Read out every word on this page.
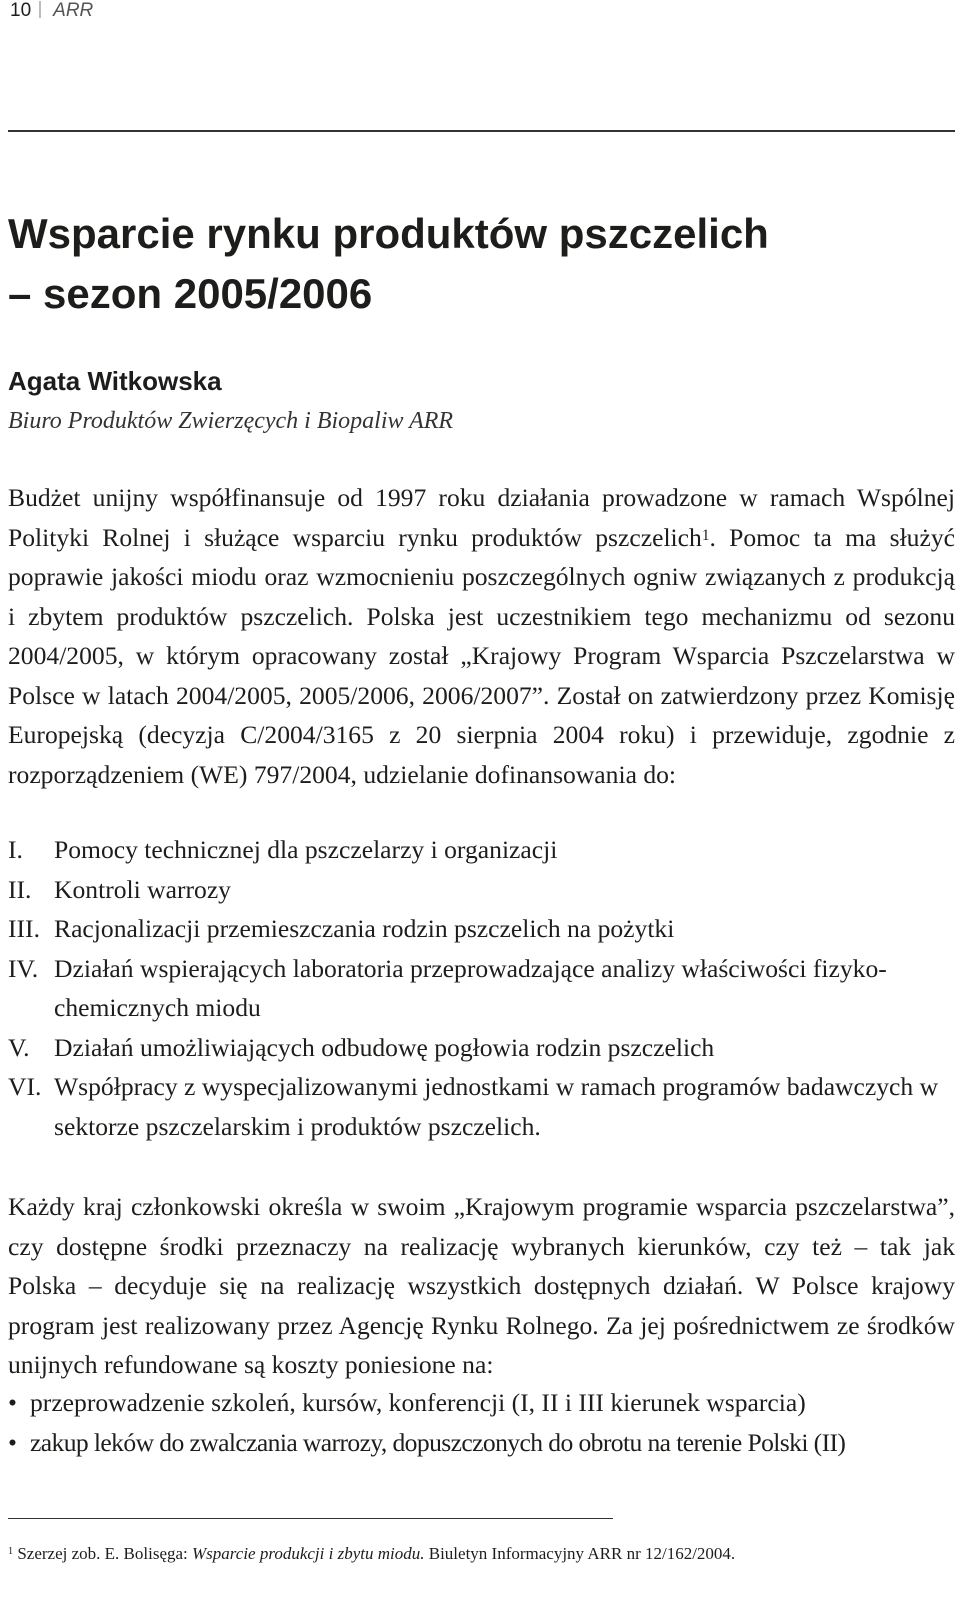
10 ARR
Wsparcie rynku produktów pszczelich
– sezon 2005/2006

Agata Witkowska

Biuro Produktów Zwierzęcych i Biopaliw ARR

Budżet unijny współfinansuje od 1997 roku działania prowadzone w ramach Wspólnej Polityki Rolnej i służące wsparciu rynku produktów pszczelich$^1$. Pomoc ta ma służyć poprawie jakości miodu oraz wzmocnieniu poszczególnych ogniw związanych z produkcją i zbytem produktów pszczelich. Polska jest uczestnikiem tego mechanizmu od sezonu 2004/2005, w którym opracowany został „Krajowy Program Wsparcia Pszczelarstwa w Polsce w latach 2004/2005, 2005/2006, 2006/2007”. Został on zatwierdzony przez Komisję Europejską (decyzja C/2004/3165 z 20 sierpnia 2004 roku) i przewiduje, zgodnie z rozporządzeniem (WE) 797/2004, udzielanie dofinansowania do:

I. Pomocy technicznej dla pszczelarzy i organizacji
II. Kontroli warrozy
III. Racjonalizacji przemieszczania rodzin pszczelich na pożytki
IV. Działań wspierających laboratoria przeprowadzające analizy właściwości fizyko-chemicznych miodu
V. Działań umożliwiających odbudowę pogłowia rodzin pszczelich
VI. Współpracy z wyspecjalizowanymi jednostkami w ramach programów badawczych w sektorze pszczelarskim i produktów pszczelich.

Każdy kraj członkowski określa w swoim „Krajowym programie wsparcia pszczelarstwa”, czy dostępne środki przeznaczy na realizację wybranych kierunków, czy też – tak jak Polska – decyduje się na realizację wszystkich dostępnych działań. W Polsce krajowy program jest realizowany przez Agencję Rynku Rolnego. Za jej pośrednictwem ze środków unijnych refundowane są koszty poniesione na:

• przeprowadzenie szkoleń, kursów, konferencji (I, II i III kierunek wsparcia)
• zakup leków do zwalczania warrozy, dopuszczonych do obrotu na terenie Polski (II)

$^1$ Szerzej zob. E. Bolisęga: Wsparcie produkcji i zbytu miodu. Biuletyn Informacyjny ARR nr 12/162/2004.
